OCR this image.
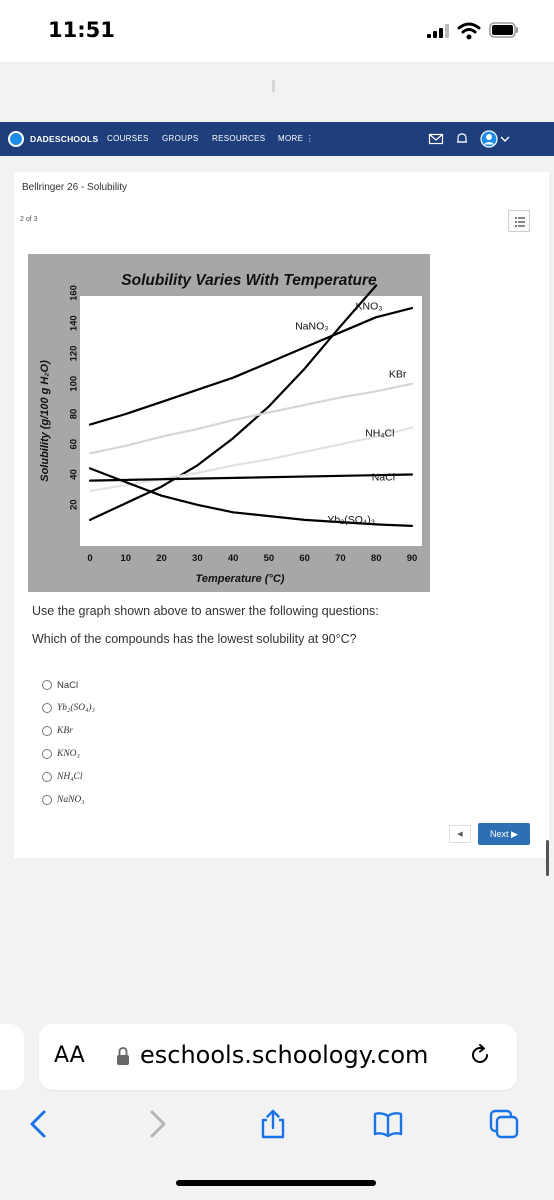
11:51
DADESCHOOLS COURSES GROUPS RESOURCES MORE ⋮
Bellringer 26 - Solubility
2 of 3
Solubility Varies With Temperature
20
40
60
80
100
120
140
160
0	10	20	30	40	50	60	70	80	90
KNO₃
NaNO₃
KBr
NH₄Cl
NaCl
Yb₂(SO₄)₃
Temperature (°C)
Solubility (g/100 g H₂O)
Use the graph shown above to answer the following questions:
Which of the compounds has the lowest solubility at 90°C?
NaCl
Yb₂(SO₄)₃
KBr
KNO₃
NH₄Cl
NaNO₃
◀	Next ▶
AA eschools.schoology.com
